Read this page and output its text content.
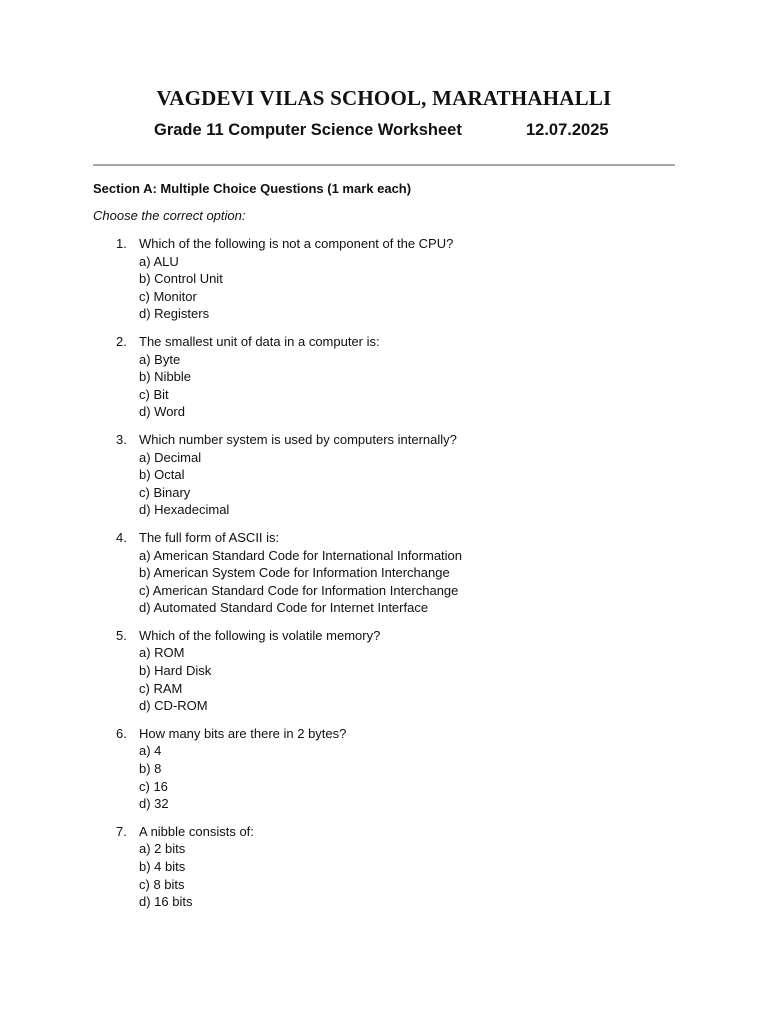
VAGDEVI VILAS SCHOOL, MARATHAHALLI
Grade 11 Computer Science Worksheet	12.07.2025

Section A: Multiple Choice Questions (1 mark each)

Choose the correct option:

1. Which of the following is not a component of the CPU?
a) ALU
b) Control Unit
c) Monitor
d) Registers
2. The smallest unit of data in a computer is:
a) Byte
b) Nibble
c) Bit
d) Word
3. Which number system is used by computers internally?
a) Decimal
b) Octal
c) Binary
d) Hexadecimal
4. The full form of ASCII is:
a) American Standard Code for International Information
b) American System Code for Information Interchange
c) American Standard Code for Information Interchange
d) Automated Standard Code for Internet Interface
5. Which of the following is volatile memory?
a) ROM
b) Hard Disk
c) RAM
d) CD-ROM
6. How many bits are there in 2 bytes?
a) 4
b) 8
c) 16
d) 32
7. A nibble consists of:
a) 2 bits
b) 4 bits
c) 8 bits
d) 16 bits
